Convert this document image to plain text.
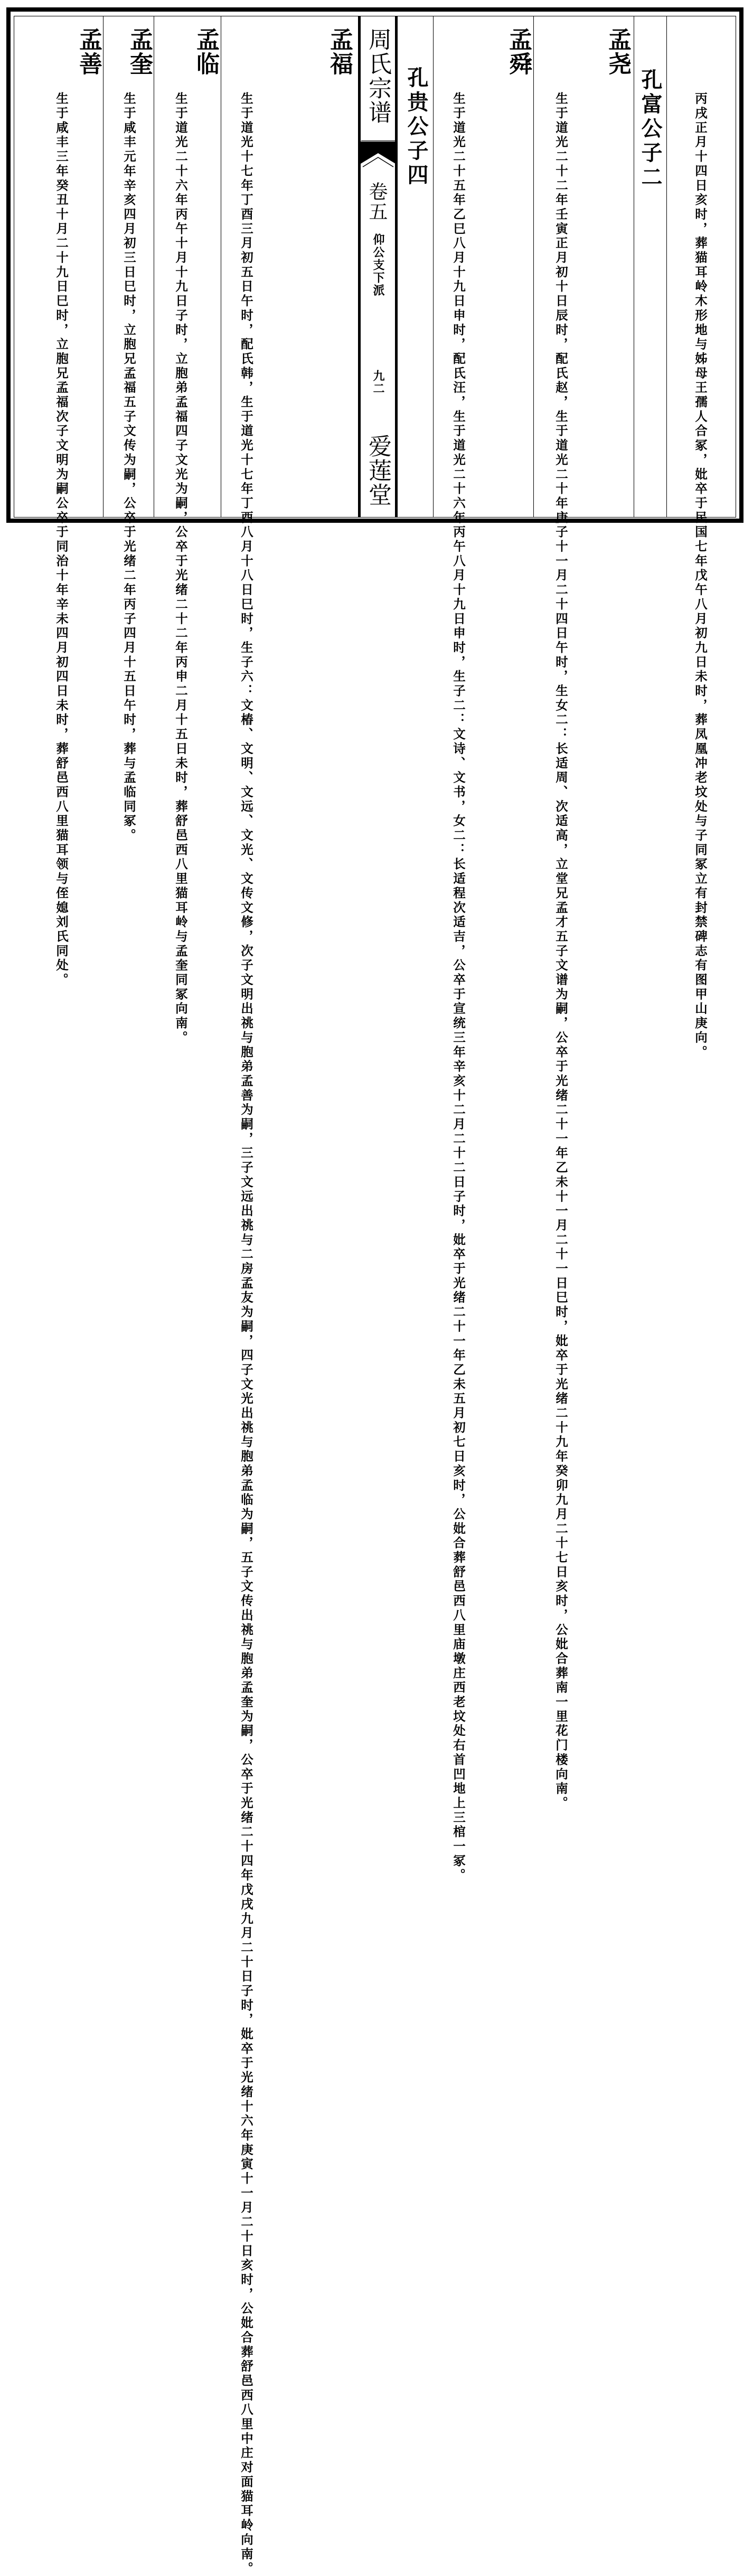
周氏宗谱
卷五
仰公支下派
九二
爱莲堂	丙戌正月十四日亥时，葬猫耳岭木形地与姊母王孺人合冢，妣卒于民国七年戊午八月初九日未时，葬凤凰冲老坟处与子同冢立有封禁碑志有图甲山庚向。
孔富公子二
孟尧
生于道光二十二年壬寅正月初十日辰时，配氏赵，生于道光二十年庚子十一月二十四日午时，生女二：长适周、次适高，立堂兄孟才五子文谱为嗣，公卒于光绪二十一年乙未十一月二十一日巳时，妣卒于光绪二十九年癸卯九月二十七日亥时，公妣合葬南一里花门楼向南。
孟舜
生于道光二十五年乙巳八月十九日申时，配氏汪，生于道光二十六年丙午八月十九日申时，生子二：文诗、文书，女二：长适程次适吉，公卒于宣统三年辛亥十二月二十二日子时，妣卒于光绪二十一年乙未五月初七日亥时，公妣合葬舒邑西八里庙墩庄西老坟处右首凹地上三棺一冢。
孔贵公子四
孟福
生于道光十七年丁酉三月初五日午时，配氏韩，生于道光十七年丁酉八月十八日巳时，生子六：文椿、文明、文远、文光、文传文修，次子文明出祧与胞弟孟善为嗣，三子文远出祧与二房孟友为嗣，四子文光出祧与胞弟孟临为嗣，五子文传出祧与胞弟孟奎为嗣，公卒于光绪二十四年戊戌九月二十日子时，妣卒于光绪十六年庚寅十一月二十日亥时，公妣合葬舒邑西八里中庄对面猫耳岭向南。
孟临
生于道光二十六年丙午十月十九日子时，立胞弟孟福四子文光为嗣，公卒于光绪二十二年丙申二月十五日未时，葬舒邑西八里猫耳岭与孟奎同冢向南。
孟奎
生于咸丰元年辛亥四月初三日巳时，立胞兄孟福五子文传为嗣，公卒于光绪二年丙子四月十五日午时，葬与孟临同冢。
孟善
生于咸丰三年癸丑十月二十九日巳时，立胞兄孟福次子文明为嗣公卒于同治十年辛未四月初四日未时，葬舒邑西八里猫耳领与侄媳刘氏同处。
